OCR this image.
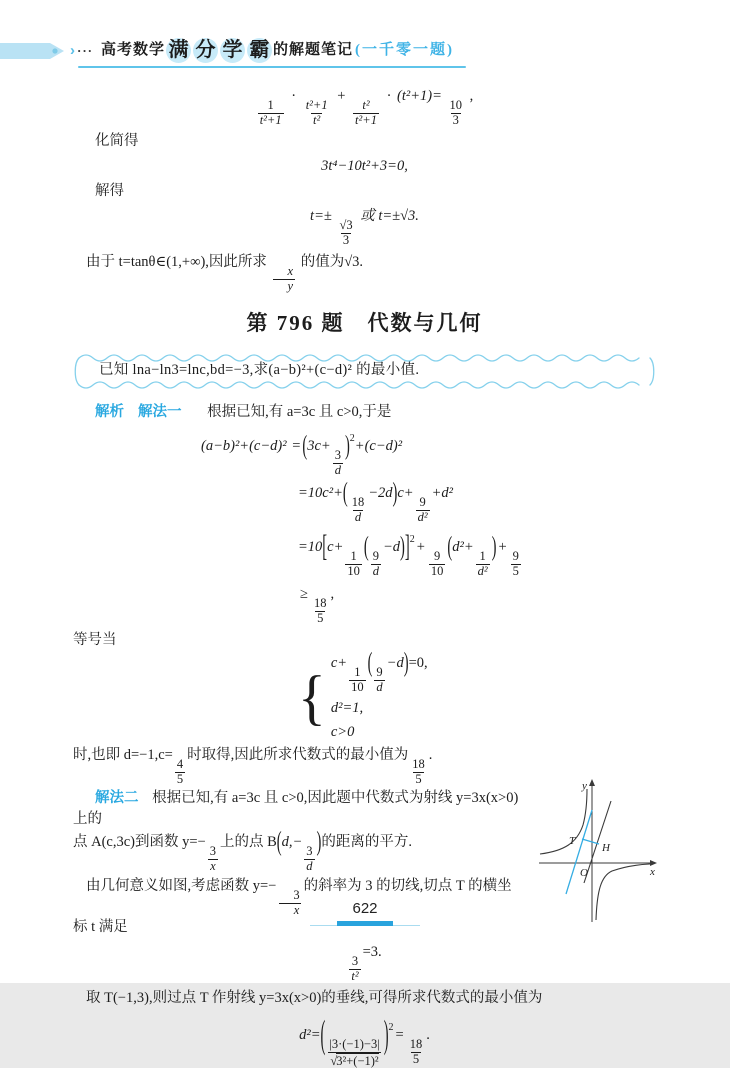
› ··· 高考数学 满 分 学 霸 的解题笔记 (一千零一题)
$\frac{1}{\text{t²+1}}$
·
$\frac{\text{t²+1}}{\text{t²}}$
+
$\frac{\text{t²}}{\text{t²+1}}$
· (t²+1)=
$\frac{10}{3}$
,
化简得
3t⁴−10t²+3=0,
解得
t=±
$\frac{√3}{3}$
或 t=±√3.
由于 t=tanθ∈(1,+∞),因此所求
$\frac{x}{y}$
的值为√3.
第 796 题　代数与几何
已知 lna−ln3=lnc,bd=−3,求(a−b)²+(c−d)² 的最小值.
解析 解法一 根据已知,有 a=3c 且 c>0,于是
(a−b)²+(c−d)² = (3c+
$\frac{3}{d}$
)$^2$+(c−d)²
=10c²+(
$\frac{18}{d}$
−2d)c+
$\frac{9}{\text{d²}}$
+d²
=10[c+
$\frac{1}{10}$
(
$\frac{9}{d}$
−d)]$^2$ +
$\frac{9}{10}$
(d²+
$\frac{1}{\text{d²}}$
) +
$\frac{9}{5}$
≥
$\frac{18}{5}$
,
等号当
{ c+
$\frac{1}{10}$
(
$\frac{9}{d}$
−d)=0,
d²=1,
c>0
时,也即 d=−1,c=
$\frac{4}{5}$
时取得,因此所求代数式的最小值为
$\frac{18}{5}$
.
y
x
O
T
H
解法二 根据已知,有 a=3c 且 c>0,因此题中代数式为射线 y=3x(x>0)上的
点 A(c,3c)到函数 y=−
$\frac{3}{x}$
上的点 B(d,−
$\frac{3}{d}$
)的距离的平方.
由几何意义如图,考虑函数 y=−
$\frac{3}{x}$
的斜率为 3 的切线,切点 T 的横坐标 t 满足
$\frac{3}{\text{t²}}$
=3.
取 T(−1,3),则过点 T 作射线 y=3x(x>0)的垂线,可得所求代数式的最小值为
$d^2=( \frac{|3\cdot(-1)-3|}{\text{√3²+(−1)²}} )^2$ =
$\frac{18}{5}$
.
622
